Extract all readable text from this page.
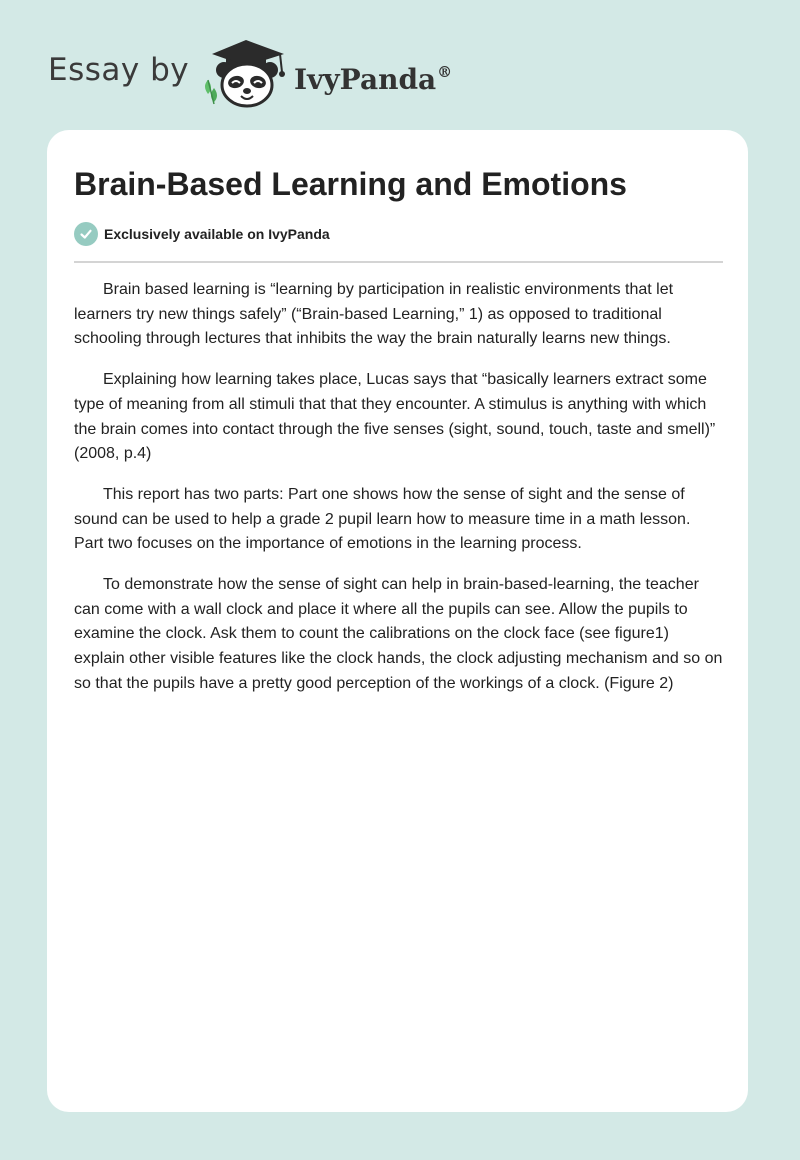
Essay by	IvyPanda®
Brain-Based Learning and Emotions
Exclusively available on IvyPanda

Brain based learning is “learning by participation in realistic environments that let learners try new things safely” (“Brain-based Learning,” 1) as opposed to traditional schooling through lectures that inhibits the way the brain naturally learns new things.

Explaining how learning takes place, Lucas says that “basically learners extract some type of meaning from all stimuli that that they encounter. A stimulus is anything with which the brain comes into contact through the five senses (sight, sound, touch, taste and smell)” (2008, p.4)

This report has two parts: Part one shows how the sense of sight and the sense of sound can be used to help a grade 2 pupil learn how to measure time in a math lesson. Part two focuses on the importance of emotions in the learning process.

To demonstrate how the sense of sight can help in brain-based-learning, the teacher can come with a wall clock and place it where all the pupils can see. Allow the pupils to examine the clock. Ask them to count the calibrations on the clock face (see figure1) explain other visible features like the clock hands, the clock adjusting mechanism and so on so that the pupils have a pretty good perception of the workings of a clock. (Figure 2)
